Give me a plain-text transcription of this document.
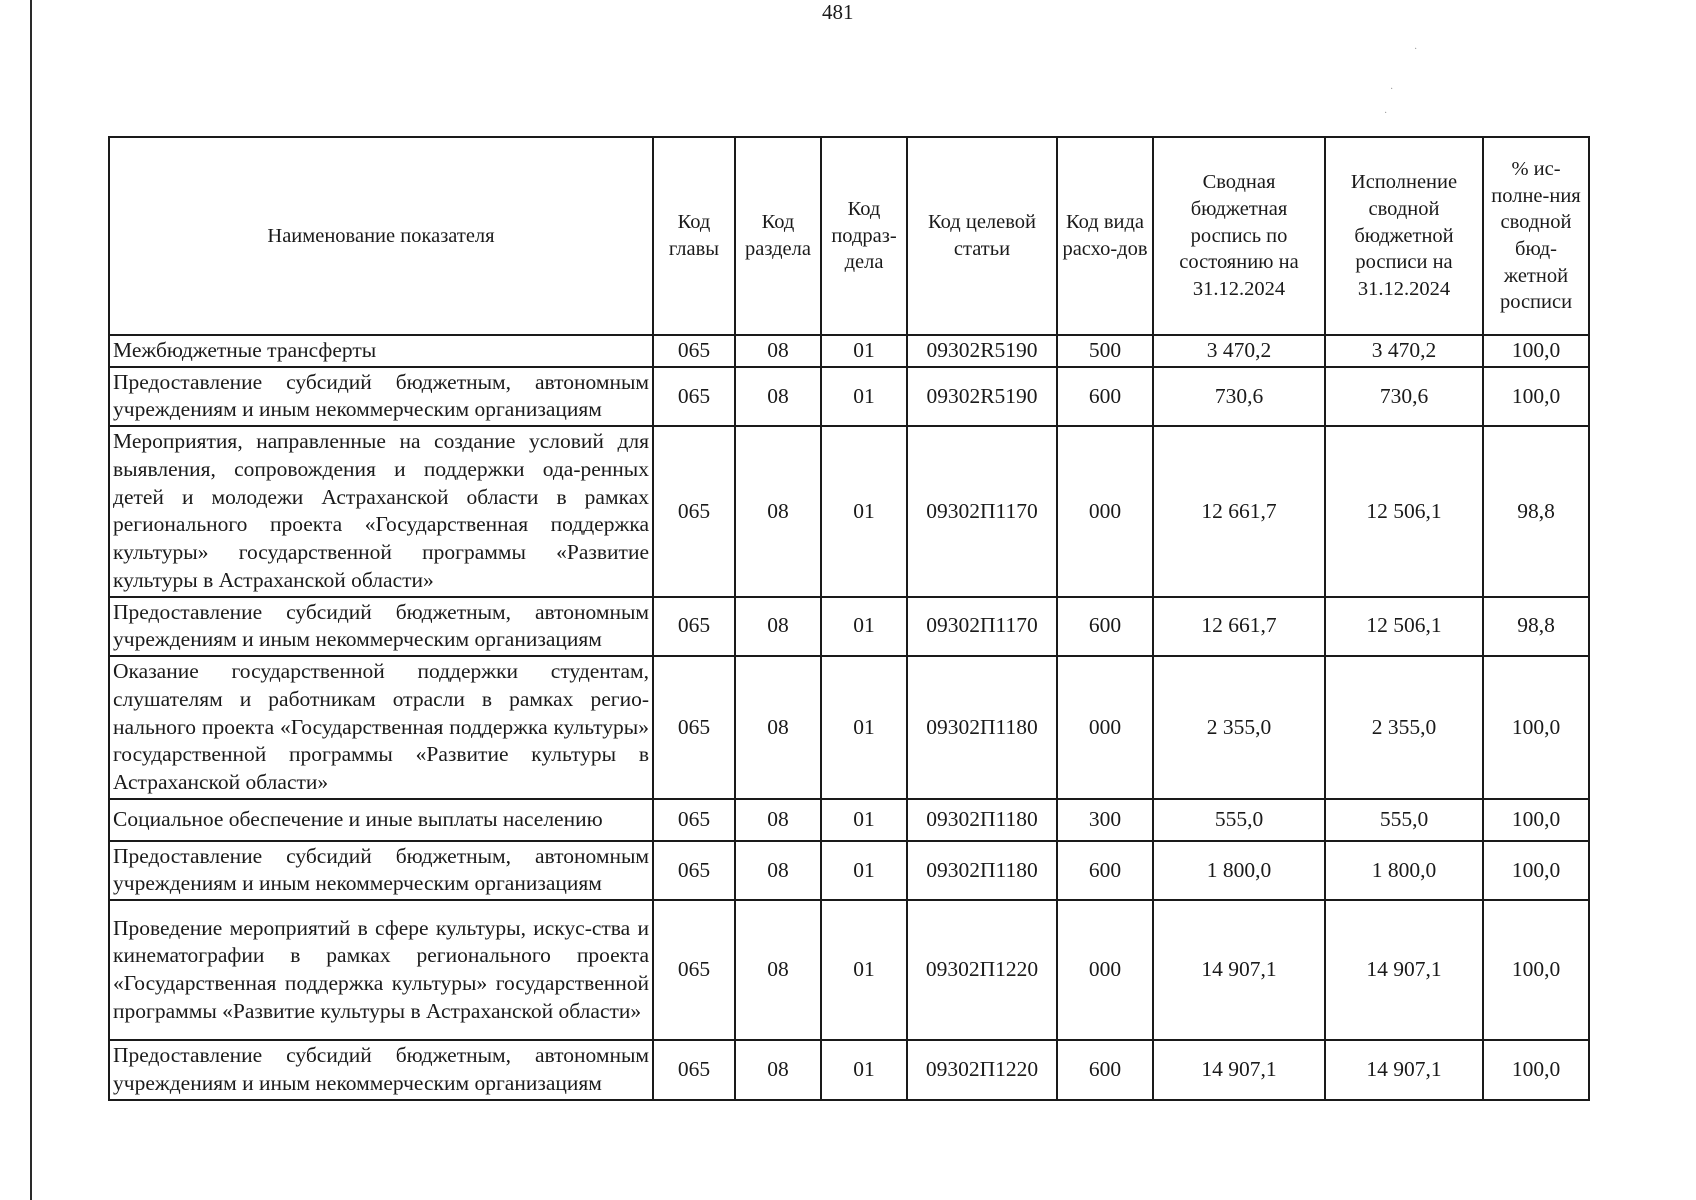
481
·
·
·
Наименование показателя	Код главы	Код раздела	Код подраз-дела	Код целевой статьи	Код вида расхо-дов	Сводная бюджетная роспись по состоянию на 31.12.2024	Исполнение сводной бюджетной росписи на 31.12.2024	% ис-полне-ния сводной бюд-жетной росписи
Межбюджетные трансферты	065	08	01	09302R5190	500	3 470,2	3 470,2	100,0
Предоставление субсидий бюджетным, автономным учреждениям и иным некоммерческим организациям	065	08	01	09302R5190	600	730,6	730,6	100,0
Мероприятия, направленные на создание условий для выявления, сопровождения и поддержки ода-ренных детей и молодежи Астраханской области в рамках регионального проекта «Государственная поддержка культуры» государственной программы «Развитие культуры в Астраханской области»	065	08	01	09302П1170	000	12 661,7	12 506,1	98,8
Предоставление субсидий бюджетным, автономным учреждениям и иным некоммерческим организациям	065	08	01	09302П1170	600	12 661,7	12 506,1	98,8
Оказание государственной поддержки студентам, слушателям и работникам отрасли в рамках регио-нального проекта «Государственная поддержка культуры» государственной программы «Развитие культуры в Астраханской области»	065	08	01	09302П1180	000	2 355,0	2 355,0	100,0
Социальное обеспечение и иные выплаты населению	065	08	01	09302П1180	300	555,0	555,0	100,0
Предоставление субсидий бюджетным, автономным учреждениям и иным некоммерческим организациям	065	08	01	09302П1180	600	1 800,0	1 800,0	100,0
Проведение мероприятий в сфере культуры, искус-ства и кинематографии в рамках регионального проекта «Государственная поддержка культуры» государственной программы «Развитие культуры в Астраханской области»	065	08	01	09302П1220	000	14 907,1	14 907,1	100,0
Предоставление субсидий бюджетным, автономным учреждениям и иным некоммерческим организациям	065	08	01	09302П1220	600	14 907,1	14 907,1	100,0
